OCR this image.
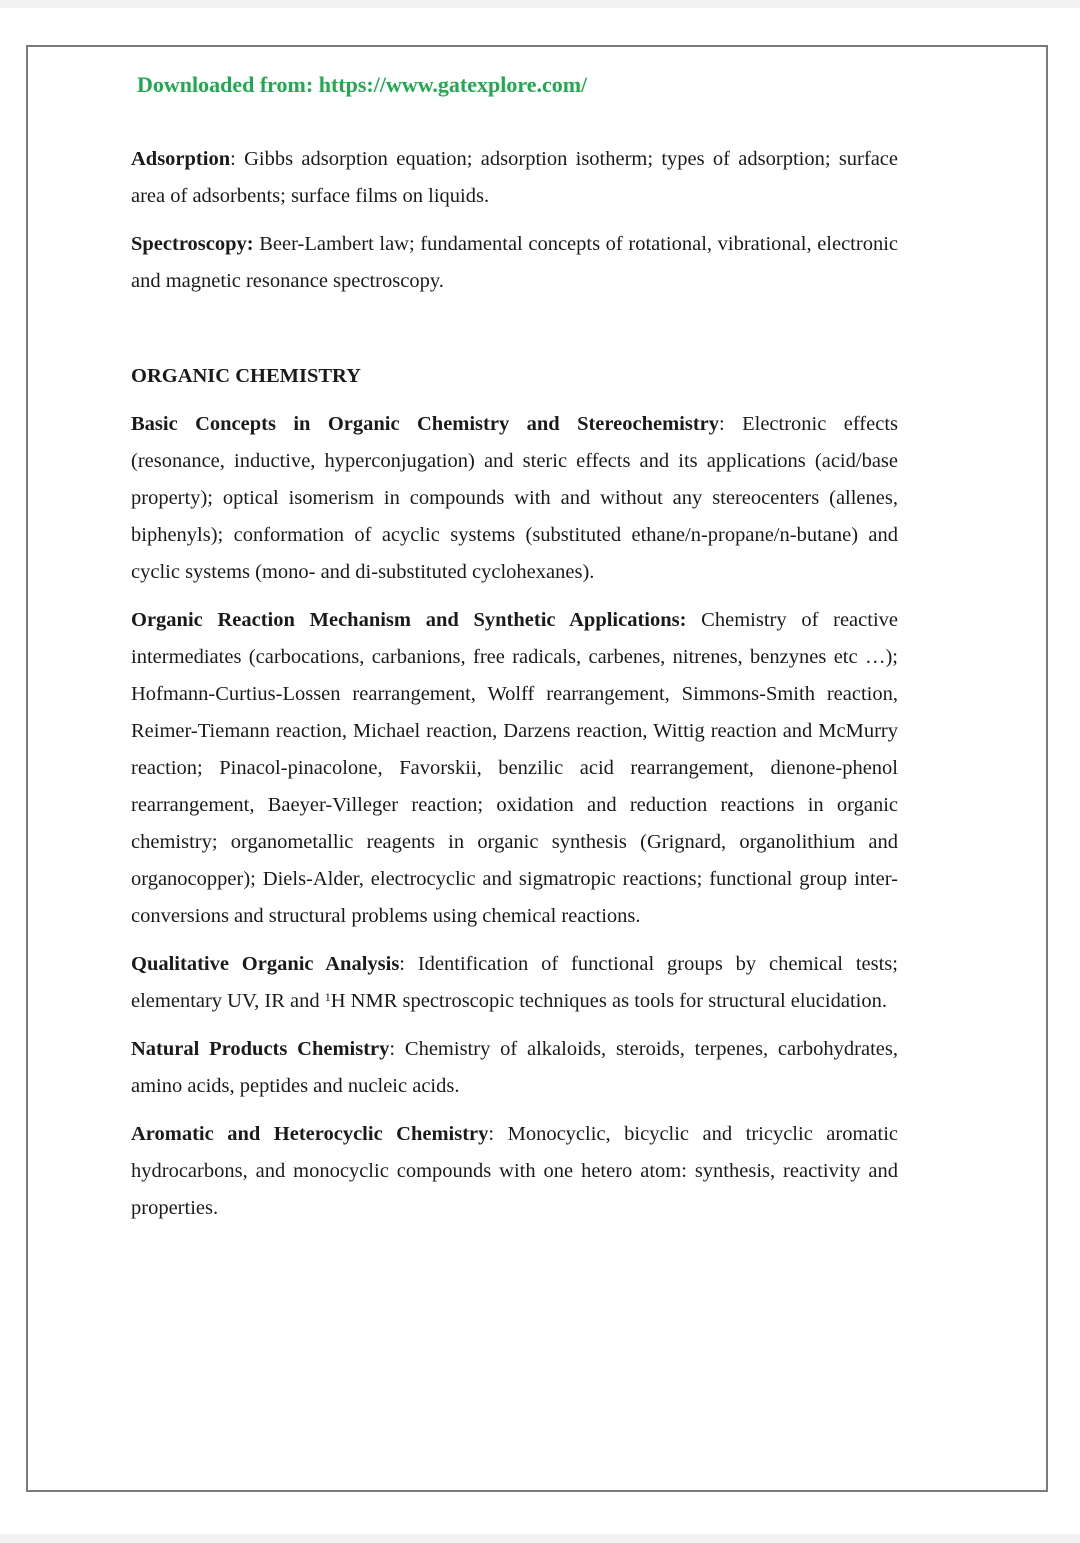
Downloaded from: https://www.gatexplore.com/

Adsorption: Gibbs adsorption equation; adsorption isotherm; types of adsorption; surface area of adsorbents; surface films on liquids.

Spectroscopy: Beer-Lambert law; fundamental concepts of rotational, vibrational, electronic and magnetic resonance spectroscopy.

ORGANIC CHEMISTRY

Basic Concepts in Organic Chemistry and Stereochemistry: Electronic effects (resonance, inductive, hyperconjugation) and steric effects and its applications (acid/base property); optical isomerism in compounds with and without any stereocenters (allenes, biphenyls); conformation of acyclic systems (substituted ethane/n-propane/n-butane) and cyclic systems (mono- and di-substituted cyclohexanes).

Organic Reaction Mechanism and Synthetic Applications: Chemistry of reactive intermediates (carbocations, carbanions, free radicals, carbenes, nitrenes, benzynes etc …); Hofmann-Curtius-Lossen rearrangement, Wolff rearrangement, Simmons-Smith reaction, Reimer-Tiemann reaction, Michael reaction, Darzens reaction, Wittig reaction and McMurry reaction; Pinacol-pinacolone, Favorskii, benzilic acid rearrangement, dienone-phenol rearrangement, Baeyer-Villeger reaction; oxidation and reduction reactions in organic chemistry; organometallic reagents in organic synthesis (Grignard, organolithium and organocopper); Diels-Alder, electrocyclic and sigmatropic reactions; functional group inter-conversions and structural problems using chemical reactions.

Qualitative Organic Analysis: Identification of functional groups by chemical tests; elementary UV, IR and $^1$H NMR spectroscopic techniques as tools for structural elucidation.

Natural Products Chemistry: Chemistry of alkaloids, steroids, terpenes, carbohydrates, amino acids, peptides and nucleic acids.

Aromatic and Heterocyclic Chemistry: Monocyclic, bicyclic and tricyclic aromatic hydrocarbons, and monocyclic compounds with one hetero atom: synthesis, reactivity and properties.
